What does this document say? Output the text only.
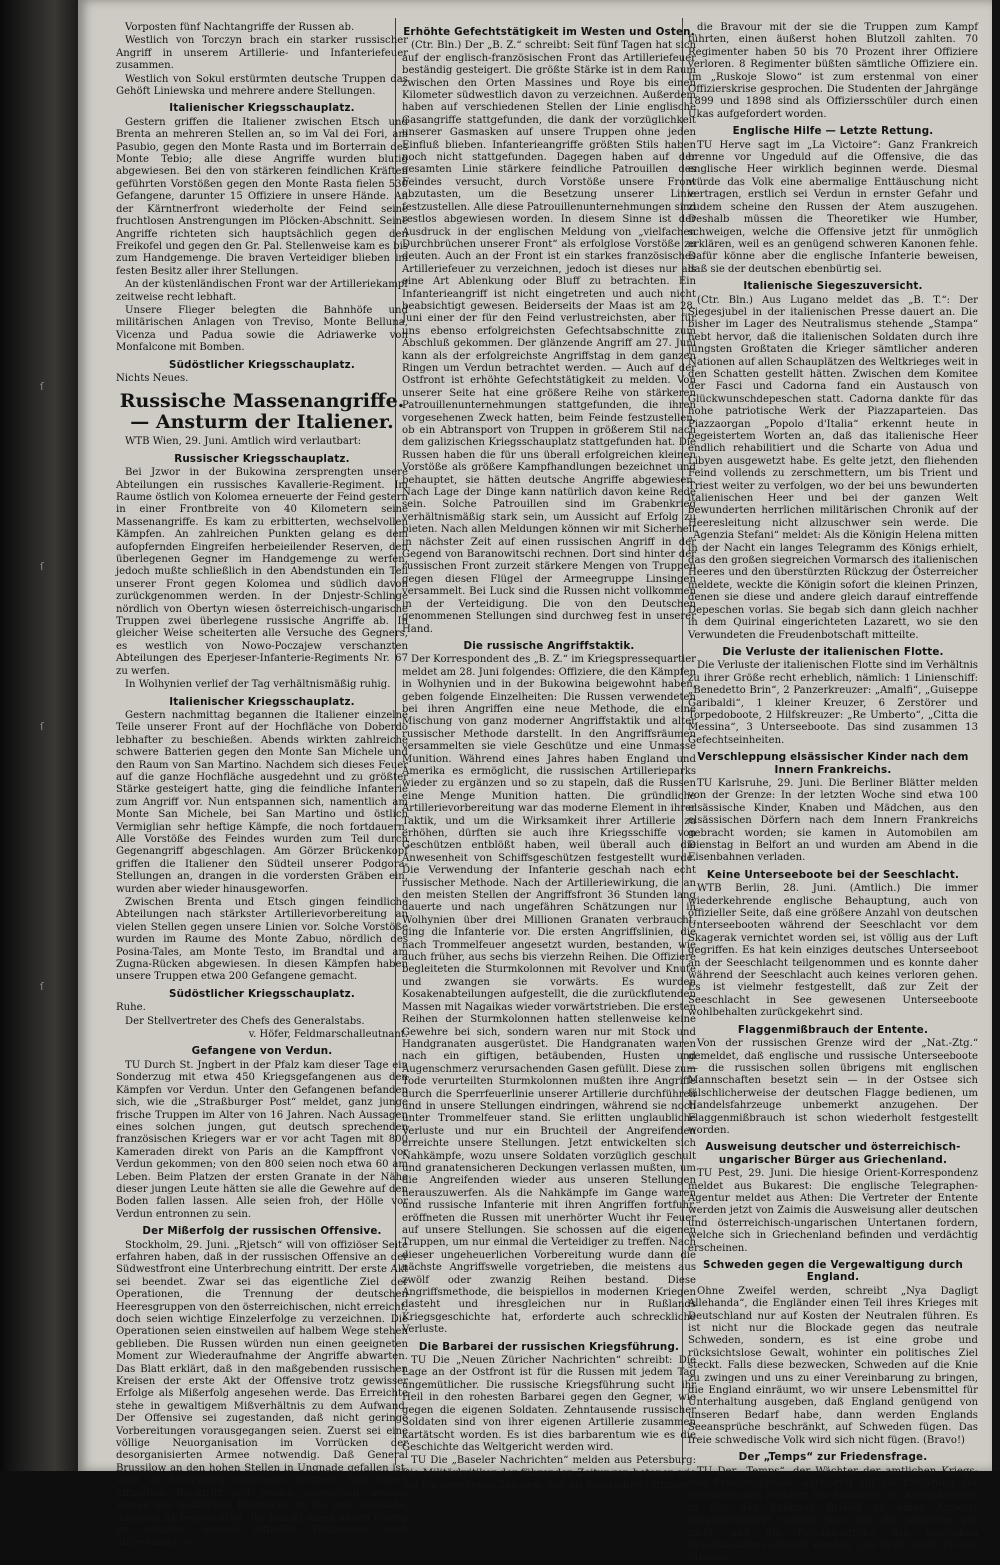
ſ
ſ
ſ
ſ

Vorposten fünf Nachtangriffe der Russen ab.

Westlich von Torczyn brach ein starker russischer Angriff in unserem Artillerie- und Infanteriefeuer zusammen.

Westlich von Sokul erstürmten deutsche Truppen das Gehöft Liniewska und mehrere andere Stellungen.

Italienischer Kriegsschauplatz.

Gestern griffen die Italiener zwischen Etsch und Brenta an mehreren Stellen an, so im Val dei Fori, am Pasubio, gegen den Monte Rasta und im Borterrain des Monte Tebio; alle diese Angriffe wurden blutig abgewiesen. Bei den von stärkeren feindlichen Kräften geführten Vorstößen gegen den Monte Rasta fielen 530 Gefangene, darunter 15 Offiziere in unsere Hände. An der Kärntnerfront wiederholte der Feind seine fruchtlosen Anstrengungen im Plöcken-Abschnitt. Seine Angriffe richteten sich hauptsächlich gegen den Freikofel und gegen den Gr. Pal. Stellenweise kam es bis zum Handgemenge. Die braven Verteidiger blieben im festen Besitz aller ihrer Stellungen.

An der küstenländischen Front war der Artilleriekampf zeitweise recht lebhaft.

Unsere Flieger belegten die Bahnhöfe und militärischen Anlagen von Treviso, Monte Belluna, Vicenza und Padua sowie die Adriawerke von Monfalcone mit Bomben.

Südöstlicher Kriegsschauplatz.

Nichts Neues.

Russische Massenangriffe. — Ansturm der Italiener.

WTB Wien, 29. Juni. Amtlich wird verlautbart:

Russischer Kriegsschauplatz.

Bei Jzwor in der Bukowina zersprengten unsere Abteilungen ein russisches Kavallerie-Regiment. Im Raume östlich von Kolomea erneuerte der Feind gestern in einer Frontbreite von 40 Kilometern seine Massenangriffe. Es kam zu erbitterten, wechselvollen Kämpfen. An zahlreichen Punkten gelang es dem aufopfernden Eingreifen herbeieilender Reserven, den überlegenen Gegner im Handgemenge zu werfen, jedoch mußte schließlich in den Abendstunden ein Teil unserer Front gegen Kolomea und südlich davon zurückgenommen werden. In der Dnjestr-Schlinge nördlich von Obertyn wiesen österreichisch-ungarische Truppen zwei überlegene russische Angriffe ab. In gleicher Weise scheiterten alle Versuche des Gegners, es westlich von Nowo-Poczajew verschanzten Abteilungen des Eperjeser-Infanterie-Regiments Nr. 67 zu werfen.

In Wolhynien verlief der Tag verhältnismäßig ruhig.

Italienischer Kriegsschauplatz.

Gestern nachmittag begannen die Italiener einzelne Teile unserer Front auf der Hochfläche von Doberdo lebhafter zu beschießen. Abends wirkten zahlreiche schwere Batterien gegen den Monte San Michele und den Raum von San Martino. Nachdem sich dieses Feuer auf die ganze Hochfläche ausgedehnt und zu größter Stärke gesteigert hatte, ging die feindliche Infanterie zum Angriff vor. Nun entspannen sich, namentlich am Monte San Michele, bei San Martino und östlich Vermiglian sehr heftige Kämpfe, die noch fortdauern. Alle Vorstöße des Feindes wurden zum Teil durch Gegenangriff abgeschlagen. Am Görzer Brückenkopf griffen die Italiener den Südteil unserer Podgora-Stellungen an, drangen in die vordersten Gräben ein, wurden aber wieder hinausgeworfen.

Zwischen Brenta und Etsch gingen feindliche Abteilungen nach stärkster Artillerievorbereitung an vielen Stellen gegen unsere Linien vor. Solche Vorstöße wurden im Raume des Monte Zabuo, nördlich des Posina-Tales, am Monte Testo, im Brandtal und am Zugna-Rücken abgewiesen. In diesen Kämpfen haben unsere Truppen etwa 200 Gefangene gemacht.

Südöstlicher Kriegsschauplatz.

Ruhe.

Der Stellvertreter des Chefs des Generalstabs.

v. Höfer, Feldmarschalleutnant.

Gefangene von Verdun.

TU Durch St. Jngbert in der Pfalz kam dieser Tage ein Sonderzug mit etwa 450 Kriegsgefangenen aus den Kämpfen vor Verdun. Unter den Gefangenen befanden sich, wie die „Straßburger Post“ meldet, ganz junge frische Truppen im Alter von 16 Jahren. Nach Aussagen eines solchen jungen, gut deutsch sprechenden französischen Kriegers war er vor acht Tagen mit 800 Kameraden direkt von Paris an die Kampffront vor Verdun gekommen; von den 800 seien noch etwa 60 am Leben. Beim Platzen der ersten Granate in der Nähe dieser jungen Leute hätten sie alle die Gewehre auf den Boden fallen lassen. Alle seien froh, der Hölle vor Verdun entronnen zu sein.

Der Mißerfolg der russischen Offensive.

Stockholm, 29. Juni. „Rjetsch“ will von offiziöser Seite erfahren haben, daß in der russischen Offensive an der Südwestfront eine Unterbrechung eintritt. Der erste Akt sei beendet. Zwar sei das eigentliche Ziel der Operationen, die Trennung der deutschen Heeresgruppen von den österreichischen, nicht erreicht, doch seien wichtige Einzelerfolge zu verzeichnen. Die Operationen seien einstweilen auf halbem Wege stehen geblieben. Die Russen würden nun einen geeigneten Moment zur Wiederaufnahme der Angriffe abwarten. Das Blatt erklärt, daß in den maßgebenden russischen Kreisen der erste Akt der Offensive trotz gewisser Erfolge als Mißerfolg angesehen werde. Das Erreichte stehe in gewaltigem Mißverhältnis zu dem Aufwand. Der Offensive sei zugestanden, daß nicht geringe Vorbereitungen vorausgegangen seien. Zuerst sei eine völlige Neuorganisation im Vorrücken der desorganisierten Armee notwendig. Daß General Brussilow an den hohen Stellen in Ungnade gefallen ist, wird in Petersburg allgemein erörtert. Von einem offiziellen Rücktritt soll jedoch abgesehen werden wegen des peinlichen Eindrucks im In- und Auslande, dagegen ist beabsichtigt, für Ruzski einen neuen Posten zu schaffen, dessen offizielle Titulierung noch unbestimmt ist.

Erhöhte Gefechtstätigkeit im Westen und Osten.

(Ctr. Bln.) Der „B. Z.“ schreibt: Seit fünf Tagen hat sich auf der englisch-französischen Front das Artilleriefeuer beständig gesteigert. Die größte Stärke ist in dem Raum zwischen den Orten Massines und Roye bis einen Kilometer südwestlich davon zu verzeichnen. Außerdem haben auf verschiedenen Stellen der Linie englische Gasangriffe stattgefunden, die dank der vorzüglichkeit unserer Gasmasken auf unsere Truppen ohne jeden Einfluß blieben. Infanterieangriffe größten Stils haben noch nicht stattgefunden. Dagegen haben auf der gesamten Linie stärkere feindliche Patrouillen des Feindes versucht, durch Vorstöße unsere Front abzutasten, um die Besetzung unserer Linie festzustellen. Alle diese Patrouillenunternehmungen sind restlos abgewiesen worden. In diesem Sinne ist der Ausdruck in der englischen Meldung von „vielfachen Durchbrüchen unserer Front“ als erfolglose Vorstöße zu deuten. Auch an der Front ist ein starkes französisches Artilleriefeuer zu verzeichnen, jedoch ist dieses nur als eine Art Ablenkung oder Bluff zu betrachten. Ein Infanterieangriff ist nicht eingetreten und auch nicht beabsichtigt gewesen. Beiderseits der Maas ist am 28. Juni einer der für den Feind verlustreichsten, aber für uns ebenso erfolgreichsten Gefechtsabschnitte zum Abschluß gekommen. Der glänzende Angriff am 27. Juni kann als der erfolgreichste Angriffstag in dem ganzen Ringen um Verdun betrachtet werden. — Auch auf der Ostfront ist erhöhte Gefechtstätigkeit zu melden. Von unserer Seite hat eine größere Reihe von stärkeren Patrouillenunternehmungen stattgefunden, die ihren vorgesehenen Zweck hatten, beim Feinde festzustellen, ob ein Abtransport von Truppen in größerem Stil nach dem galizischen Kriegsschauplatz stattgefunden hat. Die Russen haben die für uns überall erfolgreichen kleinen Vorstöße als größere Kampfhandlungen bezeichnet und behauptet, sie hätten deutsche Angriffe abgewiesen. Nach Lage der Dinge kann natürlich davon keine Rede sein. Solche Patrouillen sind im Grabenkrieg verhältnismäßig stark sein, um Aussicht auf Erfolg zu bieten. Nach allen Meldungen können wir mit Sicherheit in nächster Zeit auf einen russischen Angriff in der Gegend von Baranowitschi rechnen. Dort sind hinter der russischen Front zurzeit stärkere Mengen von Truppen gegen diesen Flügel der Armeegruppe Linsingen versammelt. Bei Luck sind die Russen nicht vollkommen in der Verteidigung. Die von den Deutschen genommenen Stellungen sind durchweg fest in unserer Hand.

Die russische Angriffstaktik.

Der Korrespondent des „B. Z.“ im Kriegspressequartier meldet am 28. Juni folgendes: Offiziere, die den Kämpfen in Wolhynien und in der Bukowina beigewohnt haben, geben folgende Einzelheiten: Die Russen verwendeten bei ihren Angriffen eine neue Methode, die eine Mischung von ganz moderner Angriffstaktik und alter russischer Methode darstellt. In den Angriffsräumen versammelten sie viele Geschütze und eine Unmasse Munition. Während eines Jahres haben England und Amerika es ermöglicht, die russischen Artillerieparks wieder zu ergänzen und so zu stapeln, daß die Russen eine Menge Munition hatten. Die gründliche Artillerievorbereitung war das moderne Element in ihrer Taktik, und um die Wirksamkeit ihrer Artillerie zu erhöhen, dürften sie auch ihre Kriegsschiffe von Geschützen entblößt haben, weil überall auch die Anwesenheit von Schiffsgeschützen festgestellt wurde. Die Verwendung der Infanterie geschah nach echt russischer Methode. Nach der Artilleriewirkung, die an den meisten Stellen der Angriffsfront 36 Stunden lang dauerte und nach ungefähren Schätzungen nur in Wolhynien über drei Millionen Granaten verbraucht, ging die Infanterie vor. Die ersten Angriffslinien, die nach Trommelfeuer angesetzt wurden, bestanden, wie auch früher, aus sechs bis vierzehn Reihen. Die Offiziere begleiteten die Sturmkolonnen mit Revolver und Knute und zwangen sie vorwärts. Es wurden Kosakenabteilungen aufgestellt, die die zurückflutenden Massen mit Nagaikas wieder vorwärtstrieben. Die ersten Reihen der Sturmkolonnen hatten stellenweise keine Gewehre bei sich, sondern waren nur mit Stock und Handgranaten ausgerüstet. Die Handgranaten waren nach ein giftigen, betäubenden, Husten und Augenschmerz verursachenden Gasen gefüllt. Diese zum Tode verurteilten Sturmkolonnen mußten ihre Angriffe durch die Sperrfeuerlinie unserer Artillerie durchführen und in unsere Stellungen eindringen, während sie noch unter Trommelfeuer stand. Sie erlitten unglaubliche Verluste und nur ein Bruchteil der Angreifenden erreichte unsere Stellungen. Jetzt entwickelten sich Nahkämpfe, wozu unsere Soldaten vorzüglich geschult und granatensicheren Deckungen verlassen mußten, um die Angreifenden wieder aus unseren Stellungen herauszuwerfen. Als die Nahkämpfe im Gange waren und russische Infanterie mit ihren Angriffen fortfuhr, eröffneten die Russen mit unerhörter Wucht ihr Feuer auf unsere Stellungen. Sie schossen auf die eigenen Truppen, um nur einmal die Verteidiger zu treffen. Nach dieser ungeheuerlichen Vorbereitung wurde dann die nächste Angriffswelle vorgetrieben, die meistens aus zwölf oder zwanzig Reihen bestand. Diese Angriffsmethode, die beispiellos in modernen Kriegen dasteht und ihresgleichen nur in Rußlands Kriegsgeschichte hat, erforderte auch schreckliche Verluste.

Die Barbarei der russischen Kriegsführung.

TU Die „Neuen Züricher Nachrichten“ schreibt: Die Lage an der Ostfront ist für die Russen mit jedem Tag ungemütlicher. Die russische Kriegsführung sucht ihr Heil in den rohesten Barbarei gegen den Gegner, wie gegen die eigenen Soldaten. Zehntausende russischer Soldaten sind von ihrer eigenen Artillerie zusammen kartätscht worden. Es ist dies barbarentum wie es die Geschichte das Weltgericht werden wird.

TU Die „Baseler Nachrichten“ melden aus Petersburg: Die Militärkritiker der führenden Zeitungen betonen wie auf ein gegebenes Zeichen, daß die russischen Offiziere

die Bravour mit der sie die Truppen zum Kampf führten, einen äußerst hohen Blutzoll zahlten. 70 Regimenter haben 50 bis 70 Prozent ihrer Offiziere verloren. 8 Regimenter büßten sämtliche Offiziere ein. Im „Ruskoje Slowo“ ist zum erstenmal von einer Offizierskrise gesprochen. Die Studenten der Jahrgänge 1899 und 1898 sind als Offiziersschüler durch einen Ukas aufgefordert worden.

Englische Hilfe — Letzte Rettung.

TU Herve sagt im „La Victoire“: Ganz Frankreich brenne vor Ungeduld auf die Offensive, die das englische Heer wirklich beginnen werde. Diesmal würde das Volk eine abermalige Enttäuschung nicht vertragen, erstlich sei Verdun in ernster Gefahr und zudem scheine den Russen der Atem auszugehen. Deshalb müssen die Theoretiker wie Humber, schweigen, welche die Offensive jetzt für unmöglich erklären, weil es an genügend schweren Kanonen fehle. Dafür könne aber die englische Infanterie beweisen, daß sie der deutschen ebenbürtig sei.

Italienische Siegeszuversicht.

(Ctr. Bln.) Aus Lugano meldet das „B. T.“: Der Siegesjubel in der italienischen Presse dauert an. Die bisher im Lager des Neutralismus stehende „Stampa“ hebt hervor, daß die italienischen Soldaten durch ihre jüngsten Großtaten die Krieger sämtlicher anderen Nationen auf allen Schauplätzen des Weltkrieges weit in den Schatten gestellt hätten. Zwischen dem Komitee der Fasci und Cadorna fand ein Austausch von Glückwunschdepeschen statt. Cadorna dankte für das hohe patriotische Werk der Piazzaparteien. Das Piazzaorgan „Popolo d'Italia“ erkennt heute in begeistertem Worten an, daß das italienische Heer endlich rehabilitiert und die Scharte von Adua und Libyen ausgewetzt habe. Es gelte jetzt, den fliehenden Feind vollends zu zerschmettern, um bis Trient und Triest weiter zu verfolgen, wo der bei uns bewunderten italienischen Heer und bei der ganzen Welt bewunderten herrlichen militärischen Chronik auf der Heeresleitung nicht allzuschwer sein werde. Die „Agenzia Stefani“ meldet: Als die Königin Helena mitten in der Nacht ein langes Telegramm des Königs erhielt, das den großen siegreichen Vormarsch des italienischen Heeres und den überstürzten Rückzug der Österreicher meldete, weckte die Königin sofort die kleinen Prinzen, denen sie diese und andere gleich darauf eintreffende Depeschen vorlas. Sie begab sich dann gleich nachher in dem Quirinal eingerichteten Lazarett, wo sie den Verwundeten die Freudenbotschaft mitteilte.

Die Verluste der italienischen Flotte.

Die Verluste der italienischen Flotte sind im Verhältnis zu ihrer Größe recht erheblich, nämlich: 1 Linienschiff: „Benedetto Brin“, 2 Panzerkreuzer: „Amalfi“, „Guiseppe Garibaldi“, 1 kleiner Kreuzer, 6 Zerstörer und Torpedoboote, 2 Hilfskreuzer: „Re Umberto“, „Citta die Messina“, 3 Unterseeboote. Das sind zusammen 13 Gefechtseinheiten.

Verschleppung elsässischer Kinder nach dem Innern Frankreichs.

TU Karlsruhe, 29. Juni. Die Berliner Blätter melden von der Grenze: In der letzten Woche sind etwa 100 elsässische Kinder, Knaben und Mädchen, aus den elsässischen Dörfern nach dem Innern Frankreichs gebracht worden; sie kamen in Automobilen am Dienstag in Belfort an und wurden am Abend in die Eisenbahnen verladen.

Keine Unterseeboote bei der Seeschlacht.

WTB Berlin, 28. Juni. (Amtlich.) Die immer wiederkehrende englische Behauptung, auch von offizieller Seite, daß eine größere Anzahl von deutschen Unterseebooten während der Seeschlacht vor dem Skagerak vernichtet worden sei, ist völlig aus der Luft gegriffen. Es hat kein einziges deutsches Unterseeboot an der Seeschlacht teilgenommen und es konnte daher während der Seeschlacht auch keines verloren gehen. Es ist vielmehr festgestellt, daß zur Zeit der Seeschlacht in See gewesenen Unterseeboote wohlbehalten zurückgekehrt sind.

Flaggenmißbrauch der Entente.

Von der russischen Grenze wird der „Nat.-Ztg.“ gemeldet, daß englische und russische Unterseeboote — die russischen sollen übrigens mit englischen Mannschaften besetzt sein — in der Ostsee sich fälschlicherweise der deutschen Flagge bedienen, um Handelsfahrzeuge unbemerkt anzugehen. Der Flaggenmißbrauch ist schon wiederholt festgestellt worden.

Ausweisung deutscher und österreichisch-ungarischer Bürger aus Griechenland.

TU Pest, 29. Juni. Die hiesige Orient-Korrespondenz meldet aus Bukarest: Die englische Telegraphen-Agentur meldet aus Athen: Die Vertreter der Entente werden jetzt von Zaimis die Ausweisung aller deutschen und österreichisch-ungarischen Untertanen fordern, welche sich in Griechenland befinden und verdächtig erscheinen.

Schweden gegen die Vergewaltigung durch England.

Ohne Zweifel werden, schreibt „Nya Dagligt Allehanda“, die Engländer einen Teil ihres Krieges mit Deutschland nur auf Kosten der Neutralen führen. Es ist nicht nur die Blockade gegen das neutrale Schweden, sondern, es ist eine grobe und rücksichtslose Gewalt, wohinter ein politisches Ziel steckt. Falls diese bezwecken, Schweden auf die Knie zu zwingen und uns zu einer Vereinbarung zu bringen, die England einräumt, wo wir unsere Lebensmittel für Unterhaltung ausgeben, daß England genügend von unseren Bedarf habe, dann werden Englands Seeansprüche beschränkt, auf Schweden fügen. Das freie schwedische Volk wird sich nicht fügen. (Bravo!)

Der „Temps“ zur Friedensfrage.

TU Der „Temps“, der Wächter der amtlichen Kriegs- und Friedensphrase, antwortet auf die Erklärung der sozialistischen Parteien zur Annahme der Kriegskredite, in der das Kabinett Briand zu einer Antwort herausgefordert worden war, daß die Alliierten gar nicht und die Friedensstrebe des deutschen Reichskanzlers erörtert worden. Das Blatt spielt die alte Melodie
